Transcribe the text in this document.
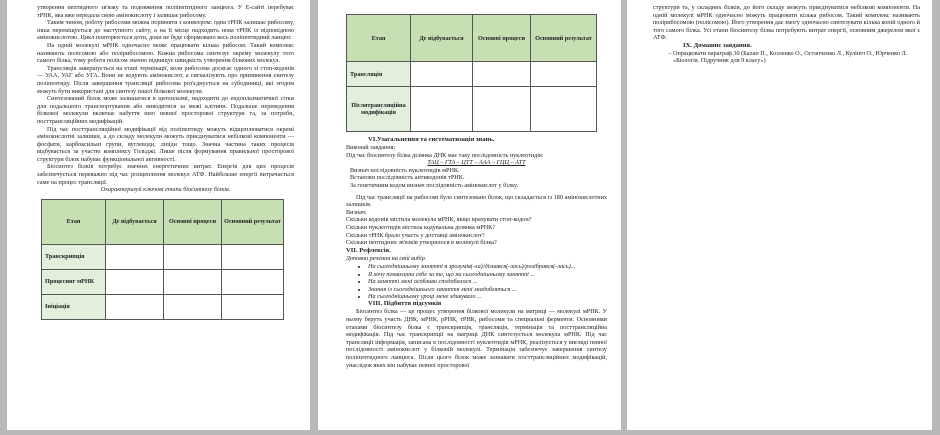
утворення пептидного зв'язку та подовження поліпептидного ланцюга. У Е-сайті перебуває тРНК, яка вже передала свою амінокислоту і залишає рибосому.

Таким чином, роботу рибосоми можна порівняти з конвеєром: одна тРНК залишає рибосому, інша переміщується до наступного сайту, а на її місце надходить нова тРНК із відповідною амінокислотою. Цикл повторюється доти, доки не буде сформовано весь поліпептидний ланцюг.

На одній молекулі мРНК одночасно може працювати кілька рибосом. Такий комплекс називають полісомою або полірибосомою. Кожна рибосома синтезує окрему молекулу того самого білка, тому робота полісом значно підвищує швидкість утворення білкових молекул.

Трансляція завершується на етапі термінації, коли рибосома досягає одного зі стоп-кодонів — УАА, УАГ або УГА. Вони не кодують амінокислот, а сигналізують про припинення синтезу поліпептиду. Після завершення трансляції рибосома роз'єднується на субодиниці, які згодом можуть бути використані для синтезу іншої білкової молекули.

Синтезований білок може залишатися в цитоплазмі, надходити до ендоплазматичної сітки для подальшого транспортування або виводитися за межі клітини. Подальше переведення білкової молекули включає набуття нею певної просторової структури та, за потреби, посттрансляційних модифікацій.

Під час посттрансляційної модифікації від поліпептиду можуть відщеплюватися окремі амінокислотні залишки, а до складу молекули можуть приєднуватися небілкові компоненти — фосфати, карбоксильні групи, вуглеводи, ліпіди тощо. Значна частина таких процесів відбувається за участю комплексу Гольджі. Лише після формування правильної просторової структури білок набуває функціональної активності.

Біосинтез білків потребує значних енергетичних витрат. Енергія для цих процесів забезпечується переважно під час розщеплення молекул АТФ. Найбільше енергії витрачається саме на процес трансляції.

Охарактеризуй ключові етапи біосинтезу білків.

Етап	Де відбувається	Основні процеси	Основний результат
Транскрипція			
Процесинг мРНК			
Ініціація			
Етап	Де відбувається	Основні процеси	Основний результат
Трансляція			
Післятрансляційна модифікація			
VI.Узагальнення та систематизація знань.

Виконай завдання:

Під час біосинтезу білка ділянка ДНК має таку послідовність нуклеотидів:

ТАЦ – ГТА – ЦТТ – ААА – ГЦЦ – АТТ

Визнач послідовність нуклеотидів мРНК.

Встанови послідовність антикодонів тРНК.

За генетичним кодом визнач послідовність амінокислот у білку.

Під час трансляції на рибосомі було синтезовано білок, що складається із 180 амінокислотних залишків.

Визнач:

Скільки кодонів містила молекула мРНК, якщо врахувати стоп-кодон?

Скільки нуклеотидів містила кодувальна ділянка мРНК?

Скільки тРНК брало участь у доставці амінокислот?

Скільки пептидних зв'язків утворилося в молекулі білка?

VII. Рефлексія.

Доповни речення на свій вибір.

• На сьогоднішньому занятті я зрозумів(-ла)/дізнався(-лась)/розібрався(-лась)...
• Я хочу похвалити себе за те, що на сьогоднішньому занятті ...
• На занятті мені особливо сподобалося ...
• Знання із сьогоднішнього заняття мені знадобляться ...
• На сьогоднішньому уроці мене здивувало ...
VIII. Підбиття підсумків

Біосинтез білка — це процес утворення білкової молекули на матриці — молекулі мРНК. У ньому беруть участь ДНК, мРНК, рРНК, тРНК, рибосоми та специальні ферменти. Основними етапами біосинтезу білка є транскрипція, трансляція, термінація та посттрансляційна модифікація. Під час транскрипції на матриці ДНК синтезується молекула мРНК. Під час трансляції інформація, записана в послідовності нуклеотидів мРНК, реалізується у вигляді певної послідовності амінокислот у білковій молекулі. Термінація забезпечує завершення синтезу поліпептидного ланцюга. Після цього білок може зазнавати посттрансляційних модифікацій, унаслідок яких він набуває певної просторової

структури та, у складних білків, до його складу можуть приєднуватися небілкові компоненти. На одній молекулі мРНК одночасно можуть працювати кілька рибосом. Такий комплекс називають полірибосомою (полісомою). Його утворення дає змогу одночасно синтезувати кілька копій одного й того самого білка. Усі етапи біосинтезу білка потребують витрат енергії, основним джерелом якої є АТФ.

IX. Домашнє завдання.
– Опрацювати параграф 30 (Балан П., Козленко О., Остапченко Л., Кулініч О., Юрченко Л. «Біологія. Підручник для 9 класу»)
